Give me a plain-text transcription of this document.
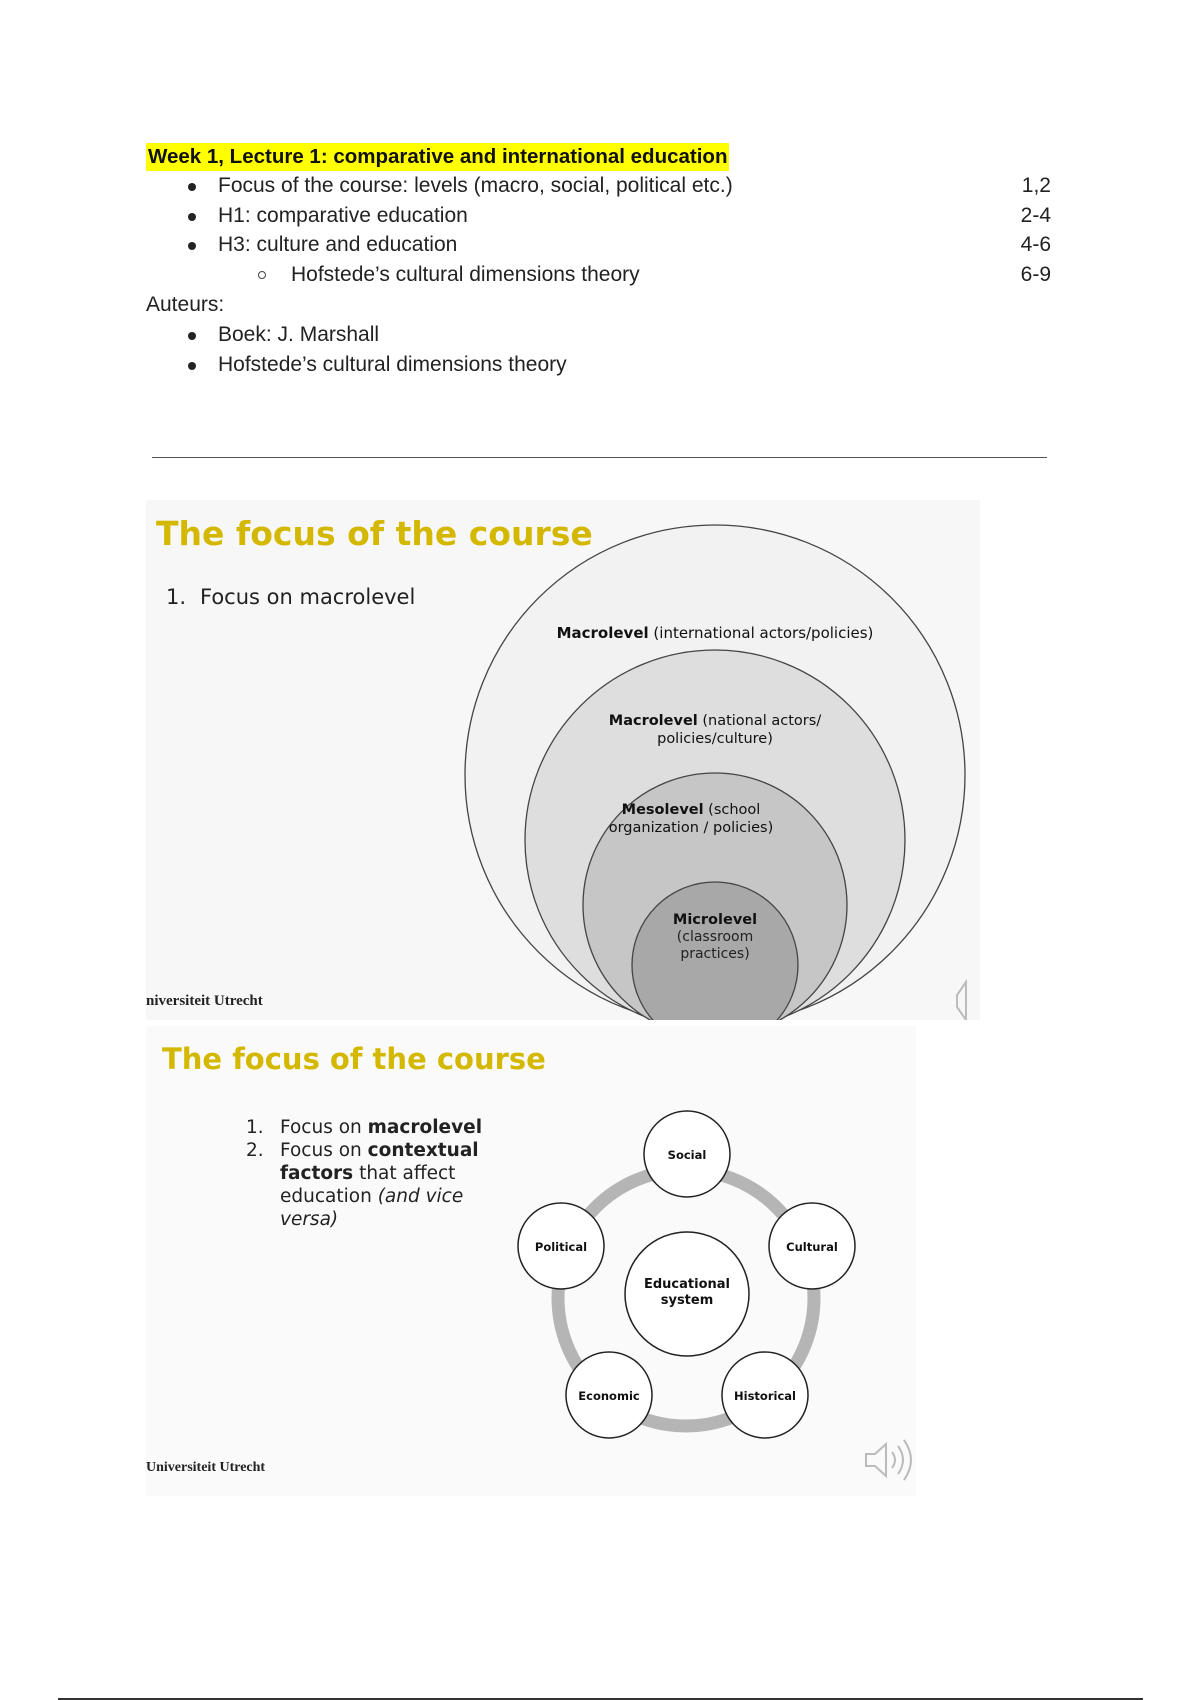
Week 1, Lecture 1: comparative and international education
Focus of the course: levels (macro, social, political etc.)	1,2
H1: comparative education	2-4
H3: culture and education	4-6
Hofstede’s cultural dimensions theory	6-9
Auteurs:
Boek: J. Marshall
Hofstede’s cultural dimensions theory
The focus of the course
1. Focus on macrolevel
Macrolevel (international actors/policies)
Macrolevel (national actors/
policies/culture)
Mesolevel (school
organization / policies)
Microlevel
(classroom
practices)
niversiteit Utrecht
The focus of the course
1. Focus on macrolevel
2. Focus on contextual
factors that affect
education (and vice
versa)
Educational
system
Social
Cultural
Historical
Economic
Political
Universiteit Utrecht
